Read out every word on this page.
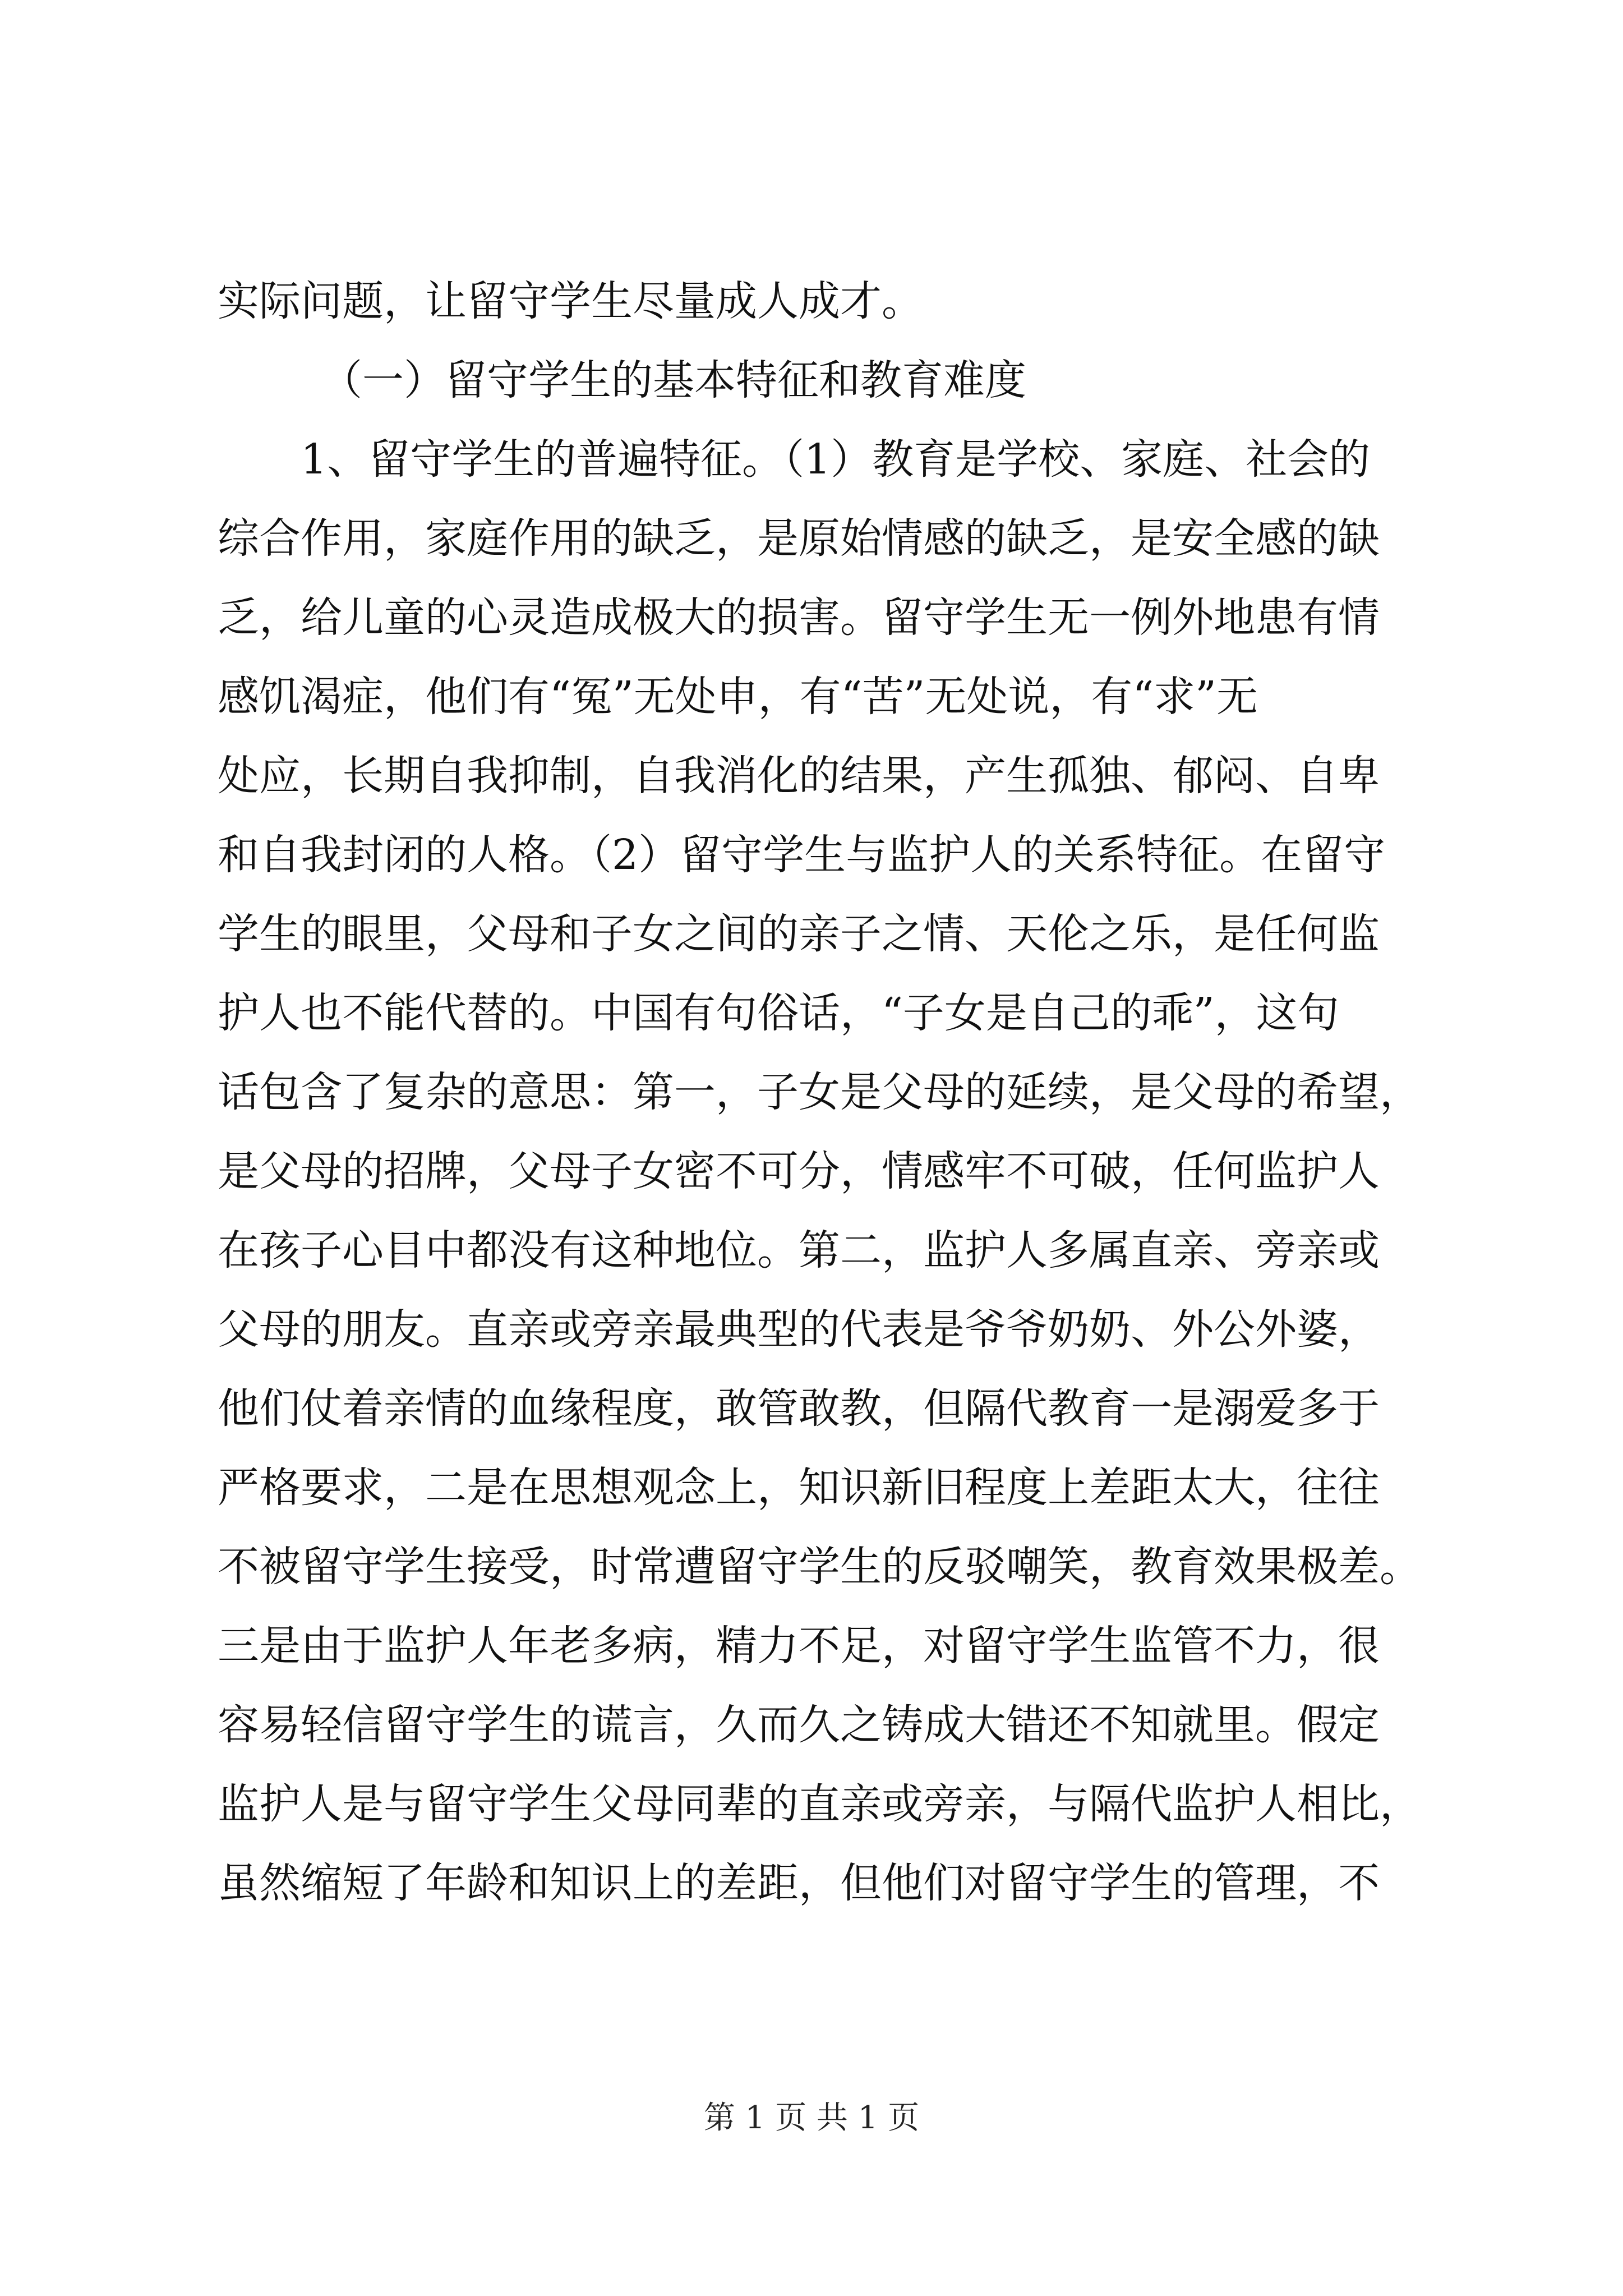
实际问题，让留守学生尽量成人成才。
（一）留守学生的基本特征和教育难度
1、留守学生的普遍特征。（1）教育是学校、家庭、社会的
综合作用，家庭作用的缺乏，是原始情感的缺乏，是安全感的缺
乏，给儿童的心灵造成极大的损害。留守学生无一例外地患有情
感饥渴症，他们有“冤”无处申，有“苦”无处说，有“求”无
处应，长期自我抑制，自我消化的结果，产生孤独、郁闷、自卑
和自我封闭的人格。（2）留守学生与监护人的关系特征。在留守
学生的眼里，父母和子女之间的亲子之情、天伦之乐，是任何监
护人也不能代替的。中国有句俗话，“子女是自己的乖”，这句
话包含了复杂的意思：第一，子女是父母的延续，是父母的希望，
是父母的招牌，父母子女密不可分，情感牢不可破，任何监护人
在孩子心目中都没有这种地位。第二，监护人多属直亲、旁亲或
父母的朋友。直亲或旁亲最典型的代表是爷爷奶奶、外公外婆，
他们仗着亲情的血缘程度，敢管敢教，但隔代教育一是溺爱多于
严格要求，二是在思想观念上，知识新旧程度上差距太大，往往
不被留守学生接受，时常遭留守学生的反驳嘲笑，教育效果极差。
三是由于监护人年老多病，精力不足，对留守学生监管不力，很
容易轻信留守学生的谎言，久而久之铸成大错还不知就里。假定
监护人是与留守学生父母同辈的直亲或旁亲，与隔代监护人相比，
虽然缩短了年龄和知识上的差距，但他们对留守学生的管理，不
第 1 页 共 1 页
